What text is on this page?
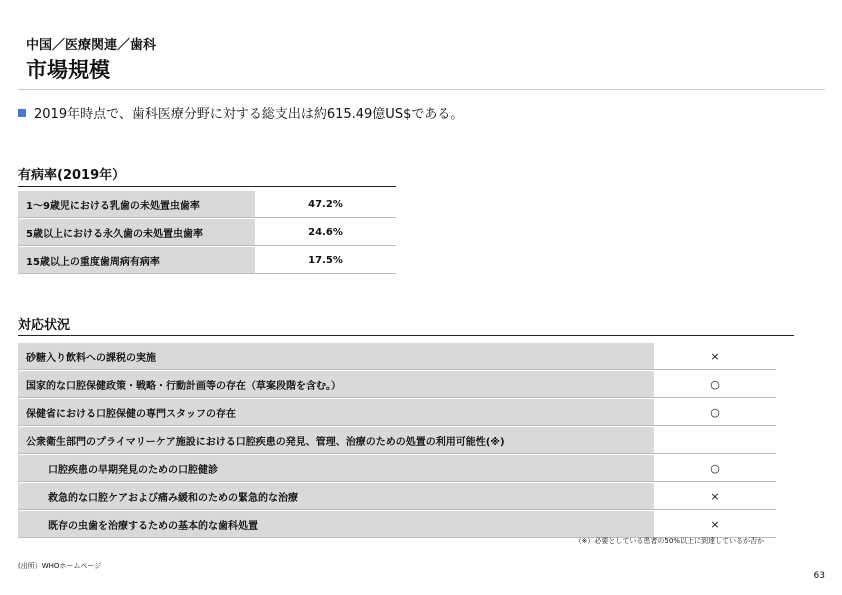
中国／医療関連／歯科
市場規模
2019年時点で、歯科医療分野に対する総支出は約615.49億US$である。
有病率(2019年）
1～9歳児における乳歯の未処置虫歯率	47.2%
5歳以上における永久歯の未処置虫歯率	24.6%
15歳以上の重度歯周病有病率	17.5%
対応状況
砂糖入り飲料への課税の実施	×
国家的な口腔保健政策・戦略・行動計画等の存在（草案段階を含む。）	○
保健省における口腔保健の専門スタッフの存在	○
公衆衛生部門のプライマリーケア施設における口腔疾患の発見、管理、治療のための処置の利用可能性(※)
口腔疾患の早期発見のための口腔健診	○
救急的な口腔ケアおよび痛み緩和のための緊急的な治療	×
既存の虫歯を治療するための基本的な歯科処置	×
（※）必要としている患者の50%以上に到達しているか否か
(出所）WHOホームページ
63
